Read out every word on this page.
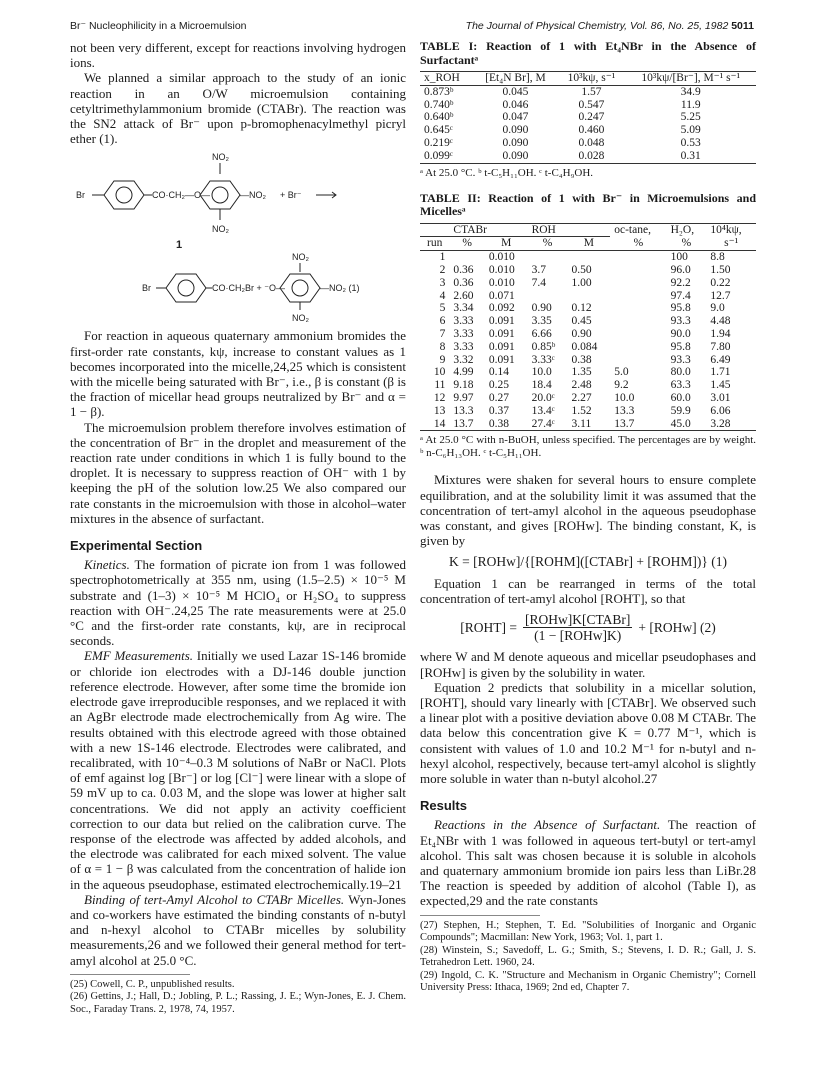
Br⁻ Nucleophilicity in a Microemulsion	The Journal of Physical Chemistry, Vol. 86, No. 25, 1982 5011

not been very different, except for reactions involving hydrogen ions.

We planned a similar approach to the study of an ionic reaction in an O/W microemulsion containing cetyltrimethylammonium bromide (CTABr). The reaction was the SN2 attack of Br⁻ upon p-bromophenacylmethyl picryl ether (1).

NO₂
Br	CO·CH₂—O—	—NO₂ + Br⁻
NO₂
1
NO₂
Br	CO·CH₂Br + ⁻O—	—NO₂ (1)
NO₂

For reaction in aqueous quaternary ammonium bromides the first-order rate constants, kψ, increase to constant values as 1 becomes incorporated into the micelle,24,25 which is consistent with the micelle being saturated with Br⁻, i.e., β is constant (β is the fraction of micellar head groups neutralized by Br⁻ and α = 1 − β).

The microemulsion problem therefore involves estimation of the concentration of Br⁻ in the droplet and measurement of the reaction rate under conditions in which 1 is fully bound to the droplet. It is necessary to suppress reaction of OH⁻ with 1 by keeping the pH of the solution low.25 We also compared our rate constants in the microemulsion with those in alcohol–water mixtures in the absence of surfactant.

Experimental Section

Kinetics. The formation of picrate ion from 1 was followed spectrophotometrically at 355 nm, using (1.5–2.5) × 10⁻⁵ M substrate and (1–3) × 10⁻⁵ M HClO₄ or H₂SO₄ to suppress reaction with OH⁻.24,25 The rate measurements were at 25.0 °C and the first-order rate constants, kψ, are in reciprocal seconds.

EMF Measurements. Initially we used Lazar 1S-146 bromide or chloride ion electrodes with a DJ-146 double junction reference electrode. However, after some time the bromide ion electrode gave irreproducible responses, and we replaced it with an AgBr electrode made electrochemically from Ag wire. The results obtained with this electrode agreed with those obtained with a new 1S-146 electrode. Electrodes were calibrated, and recalibrated, with 10⁻⁴–0.3 M solutions of NaBr or NaCl. Plots of emf against log [Br⁻] or log [Cl⁻] were linear with a slope of 59 mV up to ca. 0.03 M, and the slope was lower at higher salt concentrations. We did not apply an activity coefficient correction to our data but relied on the calibration curve. The response of the electrode was affected by added alcohols, and the electrode was calibrated for each mixed solvent. The value of α = 1 − β was calculated from the concentration of halide ion in the aqueous pseudophase, estimated electrochemically.19–21

Binding of tert-Amyl Alcohol to CTABr Micelles. Wyn-Jones and co-workers have estimated the binding constants of n-butyl and n-hexyl alcohol to CTABr micelles by solubility measurements,26 and we followed their general method for tert-amyl alcohol at 25.0 °C.

(25) Cowell, C. P., unpublished results.

(26) Gettins, J.; Hall, D.; Jobling, P. L.; Rassing, J. E.; Wyn-Jones, E. J. Chem. Soc., Faraday Trans. 2, 1978, 74, 1957.

TABLE I: Reaction of 1 with Et₄NBr in the Absence of Surfactantᵃ
x_ROH	[Et₄N Br], M	10³kψ, s⁻¹	10³kψ/[Br⁻], M⁻¹ s⁻¹
0.873ᵇ	0.045	1.57	34.9
0.740ᵇ	0.046	0.547	11.9
0.640ᵇ	0.047	0.247	5.25
0.645ᶜ	0.090	0.460	5.09
0.219ᶜ	0.090	0.048	0.53
0.099ᶜ	0.090	0.028	0.31
ᵃ At 25.0 °C. ᵇ t-C₅H₁₁OH. ᶜ t-C₄H₉OH.
TABLE II: Reaction of 1 with Br⁻ in Microemulsions and Micellesᵃ
	CTABr		ROH		oc-tane,	H₂O,	10⁴kψ,
run	%	M	%	M	%	%	s⁻¹
1		0.010				100	8.8
2	0.36	0.010	3.7	0.50		96.0	1.50
3	0.36	0.010	7.4	1.00		92.2	0.22
4	2.60	0.071				97.4	12.7
5	3.34	0.092	0.90	0.12		95.8	9.0
6	3.33	0.091	3.35	0.45		93.3	4.48
7	3.33	0.091	6.66	0.90		90.0	1.94
8	3.33	0.091	0.85ᵇ	0.084		95.8	7.80
9	3.32	0.091	3.33ᶜ	0.38		93.3	6.49
10	4.99	0.14	10.0	1.35	5.0	80.0	1.71
11	9.18	0.25	18.4	2.48	9.2	63.3	1.45
12	9.97	0.27	20.0ᶜ	2.27	10.0	60.0	3.01
13	13.3	0.37	13.4ᶜ	1.52	13.3	59.9	6.06
14	13.7	0.38	27.4ᶜ	3.11	13.7	45.0	3.28
ᵃ At 25.0 °C with n-BuOH, unless specified. The percentages are by weight. ᵇ n-C₆H₁₃OH. ᶜ t-C₅H₁₁OH.

Mixtures were shaken for several hours to ensure complete equilibration, and at the solubility limit it was assumed that the concentration of tert-amyl alcohol in the aqueous pseudophase was constant, and gives [ROHw]. The binding constant, K, is given by

K = [ROHw]/{[ROHM]([CTABr] + [ROHM])} (1)

Equation 1 can be rearranged in terms of the total concentration of tert-amyl alcohol [ROHT], so that

[ROHT] =
[ROHw]K[CTABr]
(1 − [ROHw]K)
+ [ROHw] (2)

where W and M denote aqueous and micellar pseudophases and [ROHw] is given by the solubility in water.

Equation 2 predicts that solubility in a micellar solution, [ROHT], should vary linearly with [CTABr]. We observed such a linear plot with a positive deviation above 0.08 M CTABr. The data below this concentration give K = 0.77 M⁻¹, which is consistent with values of 1.0 and 10.2 M⁻¹ for n-butyl and n-hexyl alcohol, respectively, because tert-amyl alcohol is slightly more soluble in water than n-butyl alcohol.27

Results

Reactions in the Absence of Surfactant. The reaction of Et₄NBr with 1 was followed in aqueous tert-butyl or tert-amyl alcohol. This salt was chosen because it is soluble in alcohols and quaternary ammonium bromide ion pairs less than LiBr.28 The reaction is speeded by addition of alcohol (Table I), as expected,29 and the rate constants

(27) Stephen, H.; Stephen, T. Ed. "Solubilities of Inorganic and Organic Compounds"; Macmillan: New York, 1963; Vol. 1, part 1.

(28) Winstein, S.; Savedoff, L. G.; Smith, S.; Stevens, I. D. R.; Gall, J. S. Tetrahedron Lett. 1960, 24.

(29) Ingold, C. K. "Structure and Mechanism in Organic Chemistry"; Cornell University Press: Ithaca, 1969; 2nd ed, Chapter 7.
